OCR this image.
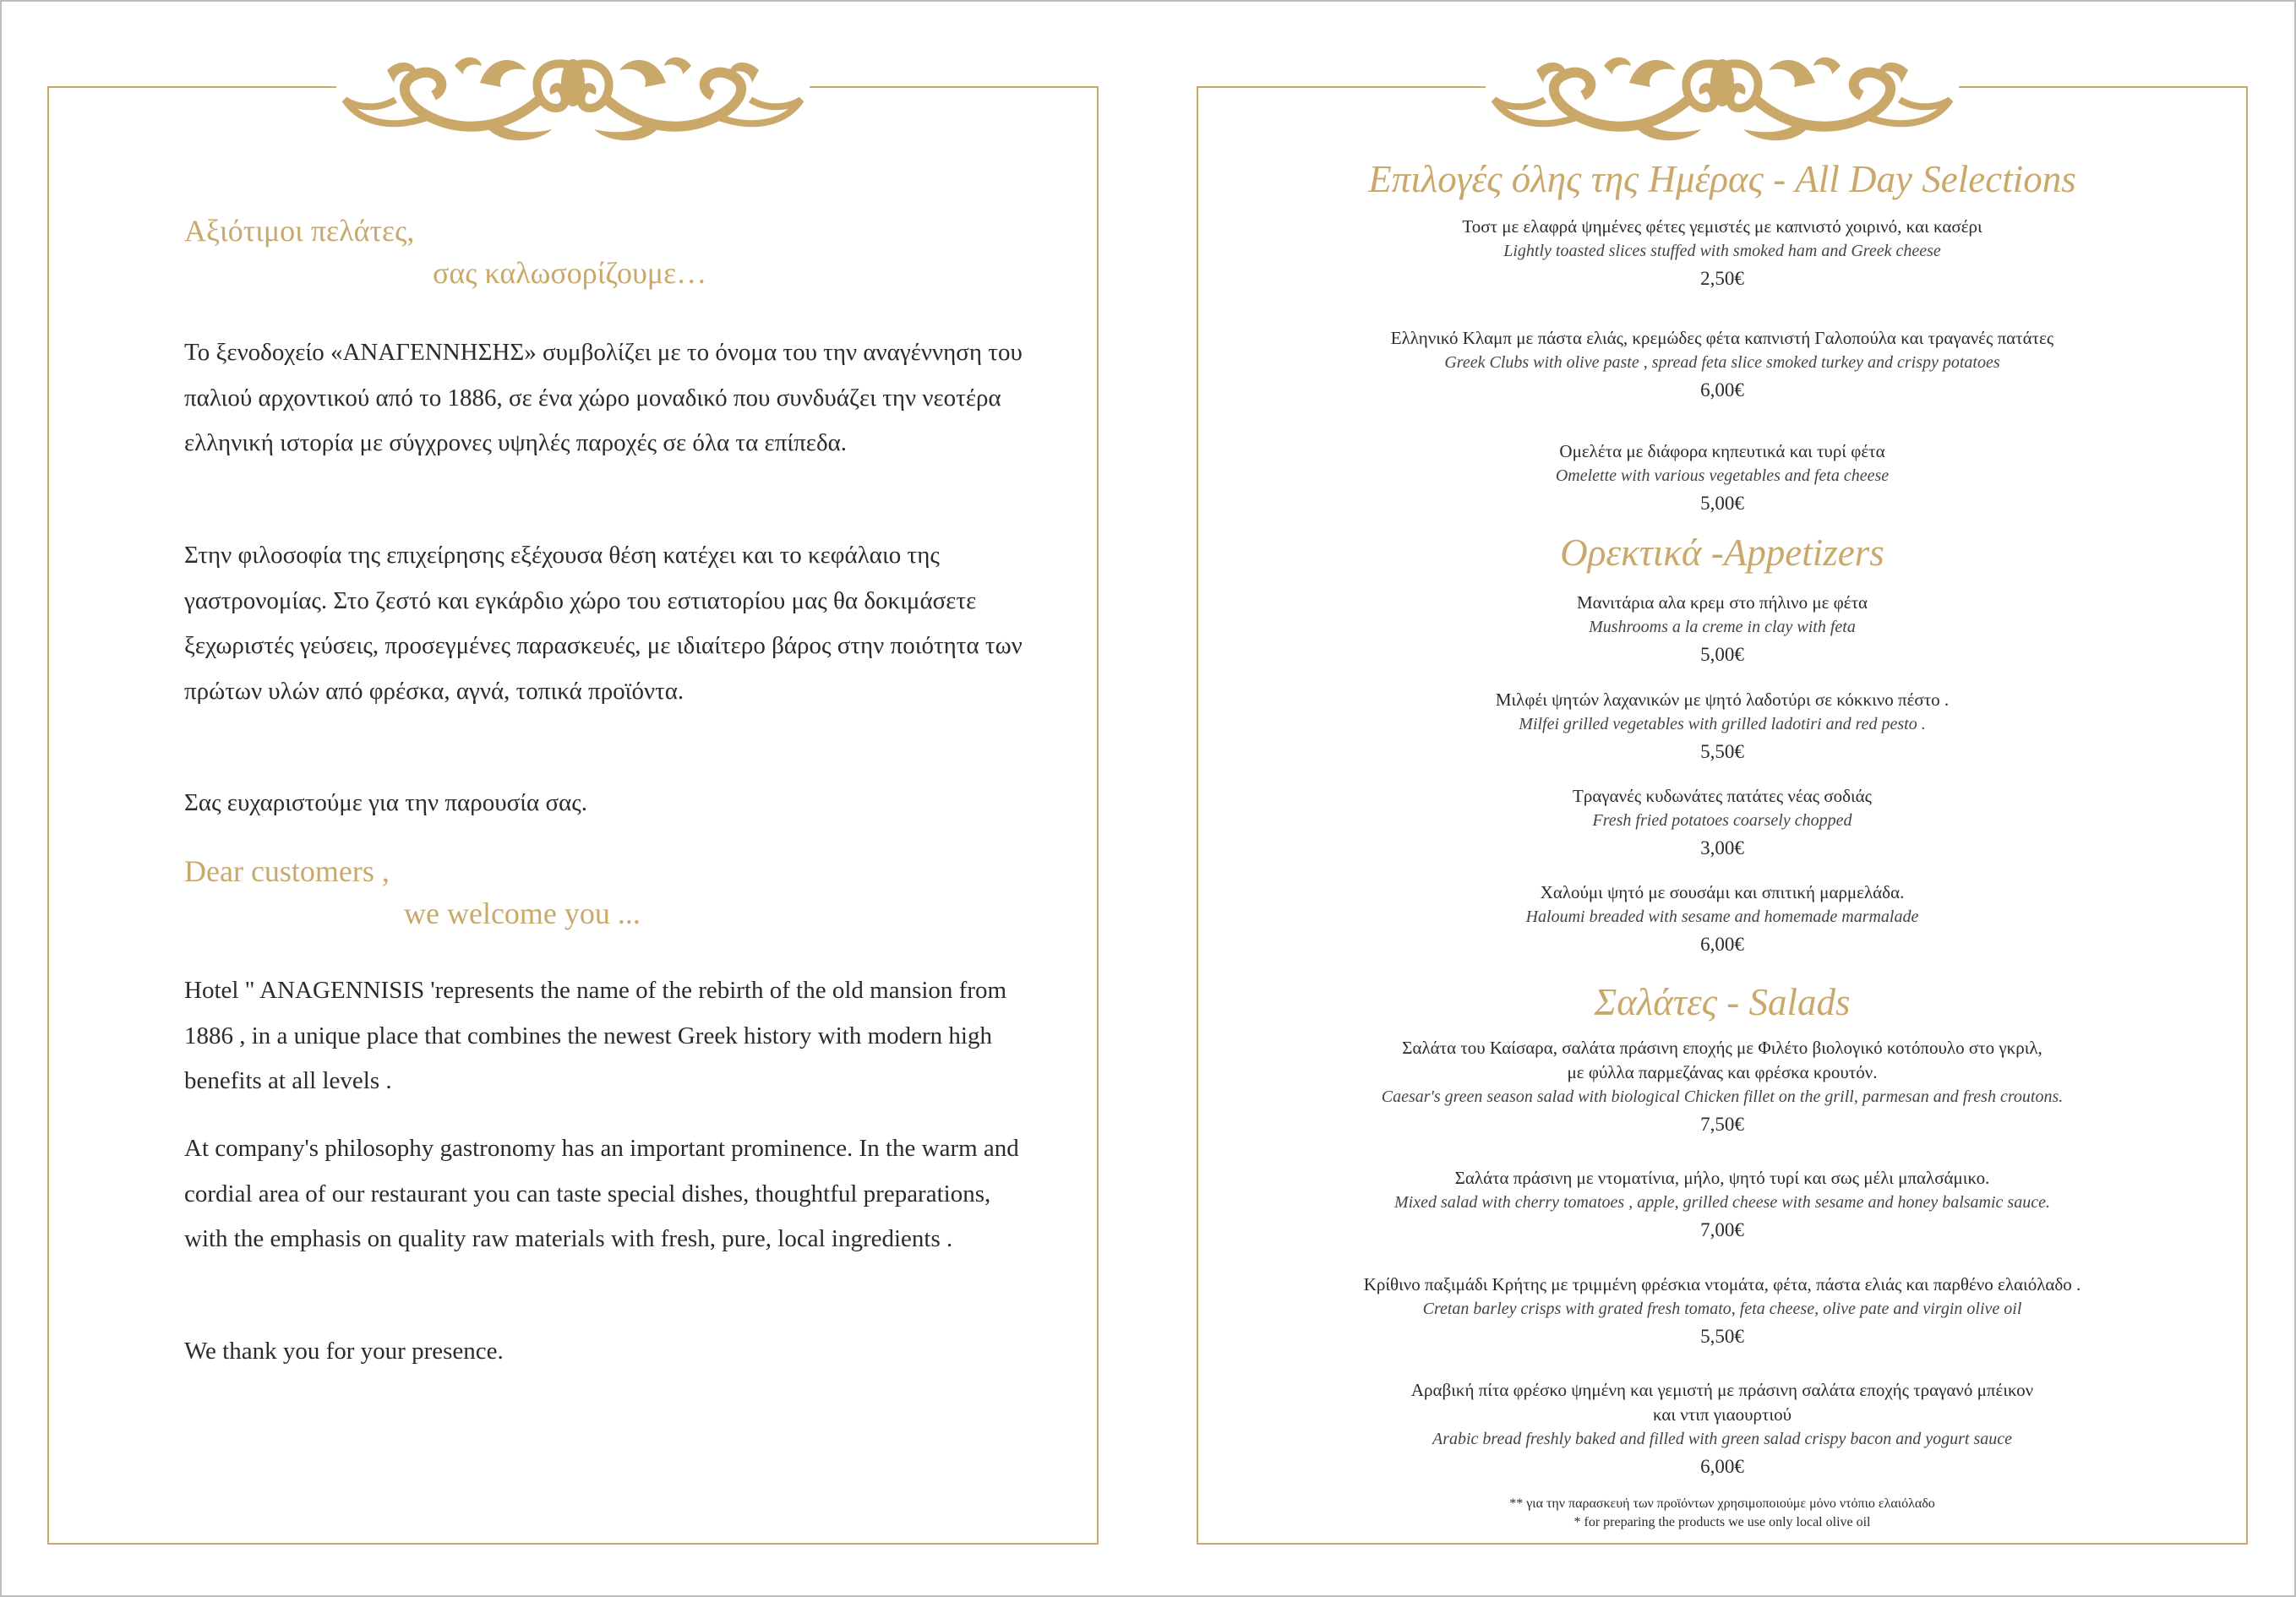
Αξιότιμοι πελάτες,
σας καλωσορίζουμε…

Το ξενοδοχείο «ΑΝΑΓΕΝΝΗΣΗΣ» συμβολίζει με το όνομα του την αναγέννηση του παλιού αρχοντικού από το 1886, σε ένα χώρο μοναδικό που συνδυάζει την νεοτέρα ελληνική ιστορία με σύγχρονες υψηλές παροχές σε όλα τα επίπεδα.

Στην φιλοσοφία της επιχείρησης εξέχουσα θέση κατέχει και το κεφάλαιο της γαστρονομίας. Στο ζεστό και εγκάρδιο χώρο του εστιατορίου μας θα δοκιμάσετε ξεχωριστές γεύσεις, προσεγμένες παρασκευές, με ιδιαίτερο βάρος στην ποιότητα των πρώτων υλών από φρέσκα, αγνά, τοπικά προϊόντα.

Σας ευχαριστούμε για την παρουσία σας.

Dear customers ,
we welcome you ...

Hotel " ANAGENNISIS 'represents the name of the rebirth of the old mansion from 1886 , in a unique place that combines the newest Greek history with modern high benefits at all levels .

At company's philosophy gastronomy has an important prominence. In the warm and cordial area of our restaurant you can taste special dishes, thoughtful preparations, with the emphasis on quality raw materials with fresh, pure, local ingredients .

We thank you for your presence.

Επιλογές όλης της Ημέρας - All Day Selections
Τοστ με ελαφρά ψημένες φέτες γεμιστές με καπνιστό χοιρινό, και κασέρι
Lightly toasted slices stuffed with smoked ham and Greek cheese
2,50€
Ελληνικό Κλαμπ με πάστα ελιάς, κρεμώδες φέτα καπνιστή Γαλοπούλα και τραγανές πατάτες
Greek Clubs with olive paste , spread feta slice smoked turkey and crispy potatoes
6,00€
Ομελέτα με διάφορα κηπευτικά και τυρί φέτα
Omelette with various vegetables and feta cheese
5,00€
Ορεκτικά -Appetizers
Μανιτάρια αλα κρεμ στο πήλινο με φέτα
Mushrooms a la creme in clay with feta
5,00€
Μιλφέι ψητών λαχανικών με ψητό λαδοτύρι σε κόκκινο πέστο .
Milfei grilled vegetables with grilled ladotiri and red pesto .
5,50€
Τραγανές κυδωνάτες πατάτες νέας σοδιάς
Fresh fried potatoes coarsely chopped
3,00€
Χαλούμι ψητό με σουσάμι και σπιτική μαρμελάδα.
Haloumi breaded with sesame and homemade marmalade
6,00€
Σαλάτες - Salads
Σαλάτα του Καίσαρα, σαλάτα πράσινη εποχής με Φιλέτο βιολογικό κοτόπουλο στο γκριλ,
με φύλλα παρμεζάνας και φρέσκα κρουτόν.
Caesar's green season salad with biological Chicken fillet on the grill, parmesan and fresh croutons.
7,50€
Σαλάτα πράσινη με ντοματίνια, μήλο, ψητό τυρί και σως μέλι μπαλσάμικο.
Mixed salad with cherry tomatoes , apple, grilled cheese with sesame and honey balsamic sauce.
7,00€
Κρίθινο παξιμάδι Κρήτης με τριμμένη φρέσκια ντομάτα, φέτα, πάστα ελιάς και παρθένο ελαιόλαδο .
Cretan barley crisps with grated fresh tomato, feta cheese, olive pate and virgin olive oil
5,50€
Αραβική πίτα φρέσκο ψημένη και γεμιστή με πράσινη σαλάτα εποχής τραγανό μπέικον
και ντιπ γιαουρτιού
Arabic bread freshly baked and filled with green salad crispy bacon and yogurt sauce
6,00€
** για την παρασκευή των προϊόντων χρησιμοποιούμε μόνο ντόπιο ελαιόλαδο
* for preparing the products we use only local olive oil
